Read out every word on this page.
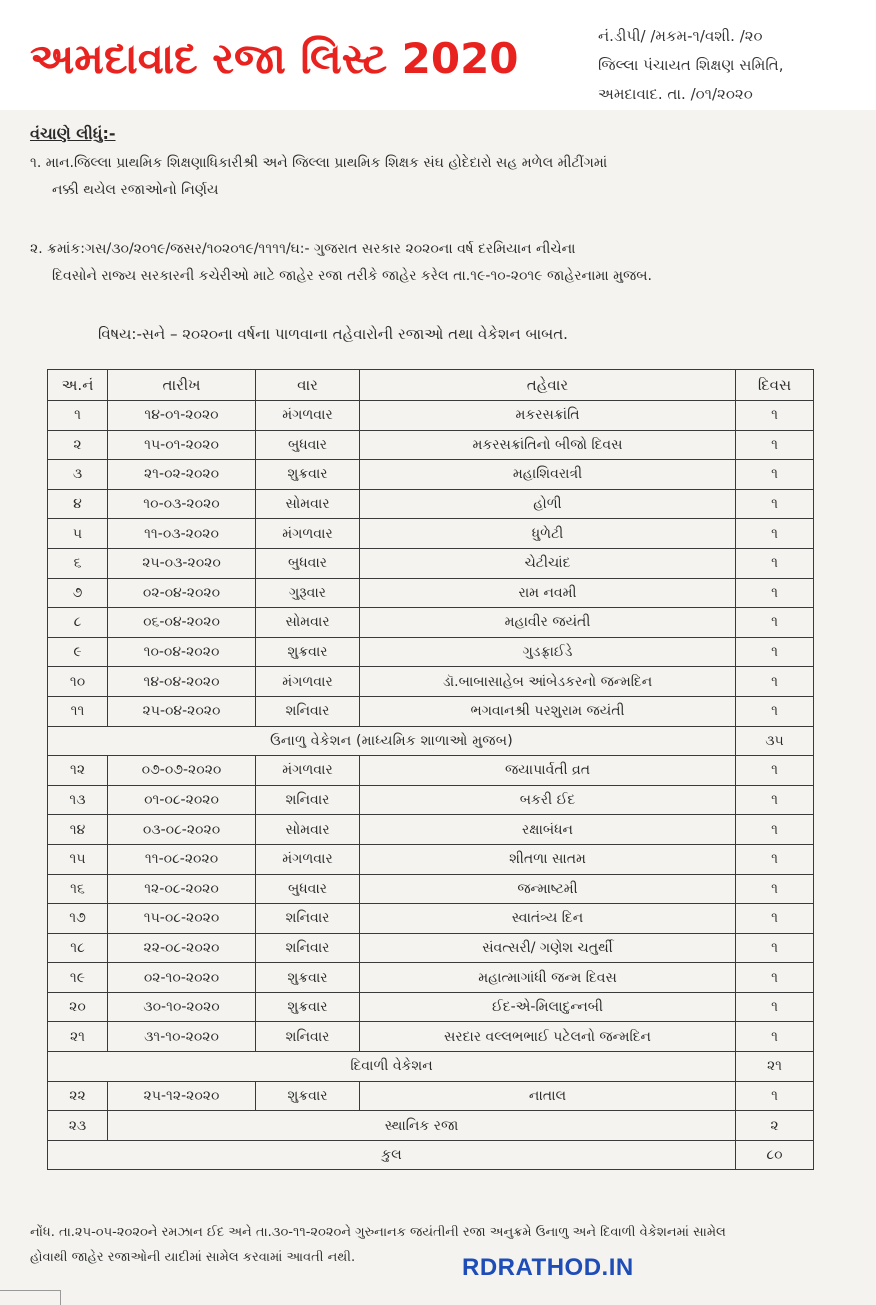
અમદાવાદ રજા લિસ્ટ 2020	નં.ડીપી/ /મકમ-૧/વશી. /૨૦
જિલ્લા પંચાયત શિક્ષણ સમિતિ,
અમદાવાદ. તા. /૦૧/૨૦૨૦
વંચાણે લીધું:-
૧. માન.જિલ્લા પ્રાથમિક શિક્ષણાધિકારીશ્રી અને જિલ્લા પ્રાથમિક શિક્ષક સંઘ હોદેદારો સહ મળેલ મીટીંગમાં
નક્કી થયેલ રજાઓનો નિર્ણય
૨. ક્રમાંક:ગસ/૩૦/૨૦૧૯/જસર/૧૦૨૦૧૯/૧૧૧૧/ઘ:- ગુજરાત સરકાર ૨૦૨૦ના વર્ષ દરમિયાન નીચેના
દિવસોને રાજ્ય સરકારની કચેરીઓ માટે જાહેર રજા તરીકે જાહેર કરેલ તા.૧૯-૧૦-૨૦૧૯ જાહેરનામા મુજબ.
વિષય:-સને – ૨૦૨૦ના વર્ષના પાળવાના તહેવારોની રજાઓ તથા વેકેશન બાબત.
અ.નં	તારીખ	વાર	તહેવાર	દિવસ
૧	૧૪-૦૧-૨૦૨૦	મંગળવાર	મકરસક્રાંતિ	૧
૨	૧૫-૦૧-૨૦૨૦	બુધવાર	મકરસક્રાંતિનો બીજો દિવસ	૧
૩	૨૧-૦૨-૨૦૨૦	શુક્રવાર	મહાશિવરાત્રી	૧
૪	૧૦-૦૩-૨૦૨૦	સોમવાર	હોળી	૧
૫	૧૧-૦૩-૨૦૨૦	મંગળવાર	ધુળેટી	૧
૬	૨૫-૦૩-૨૦૨૦	બુધવાર	ચેટીચાંદ	૧
૭	૦૨-૦૪-૨૦૨૦	ગુરૂવાર	રામ નવમી	૧
૮	૦૬-૦૪-૨૦૨૦	સોમવાર	મહાવીર જયંતી	૧
૯	૧૦-૦૪-૨૦૨૦	શુક્રવાર	ગુડફ્રાઈડે	૧
૧૦	૧૪-૦૪-૨૦૨૦	મંગળવાર	ડૉ.બાબાસાહેબ આંબેડકરનો જન્મદિન	૧
૧૧	૨૫-૦૪-૨૦૨૦	શનિવાર	ભગવાનશ્રી પરશુરામ જયંતી	૧
ઉનાળુ વેકેશન (માધ્યમિક શાળાઓ મુજબ)				૩૫
૧૨	૦૭-૦૭-૨૦૨૦	મંગળવાર	જયાપાર્વતી વ્રત	૧
૧૩	૦૧-૦૮-૨૦૨૦	શનિવાર	બકરી ઈદ	૧
૧૪	૦૩-૦૮-૨૦૨૦	સોમવાર	રક્ષાબંધન	૧
૧૫	૧૧-૦૮-૨૦૨૦	મંગળવાર	શીતળા સાતમ	૧
૧૬	૧૨-૦૮-૨૦૨૦	બુધવાર	જન્માષ્ટમી	૧
૧૭	૧૫-૦૮-૨૦૨૦	શનિવાર	સ્વાતંત્ર્ય દિન	૧
૧૮	૨૨-૦૮-૨૦૨૦	શનિવાર	સંવત્સરી/ ગણેશ ચતુર્થી	૧
૧૯	૦૨-૧૦-૨૦૨૦	શુક્રવાર	મહાત્માગાંધી જન્મ દિવસ	૧
૨૦	૩૦-૧૦-૨૦૨૦	શુક્રવાર	ઈદ-એ-મિલાદુન્નબી	૧
૨૧	૩૧-૧૦-૨૦૨૦	શનિવાર	સરદાર વલ્લભભાઈ પટેલનો જન્મદિન	૧
દિવાળી વેકેશન				૨૧
૨૨	૨૫-૧૨-૨૦૨૦	શુક્રવાર	નાતાલ	૧
૨૩	સ્થાનિક રજા			૨
કુલ				૮૦
નોંધ. તા.૨૫-૦૫-૨૦૨૦ને રમઝાન ઈદ અને તા.૩૦-૧૧-૨૦૨૦ને ગુરુનાનક જયંતીની રજા અનુક્રમે ઉનાળુ અને દિવાળી વેકેશનમાં સામેલ
હોવાથી જાહેર રજાઓની યાદીમાં સામેલ કરવામાં આવતી નથી.	RDRATHOD.IN
